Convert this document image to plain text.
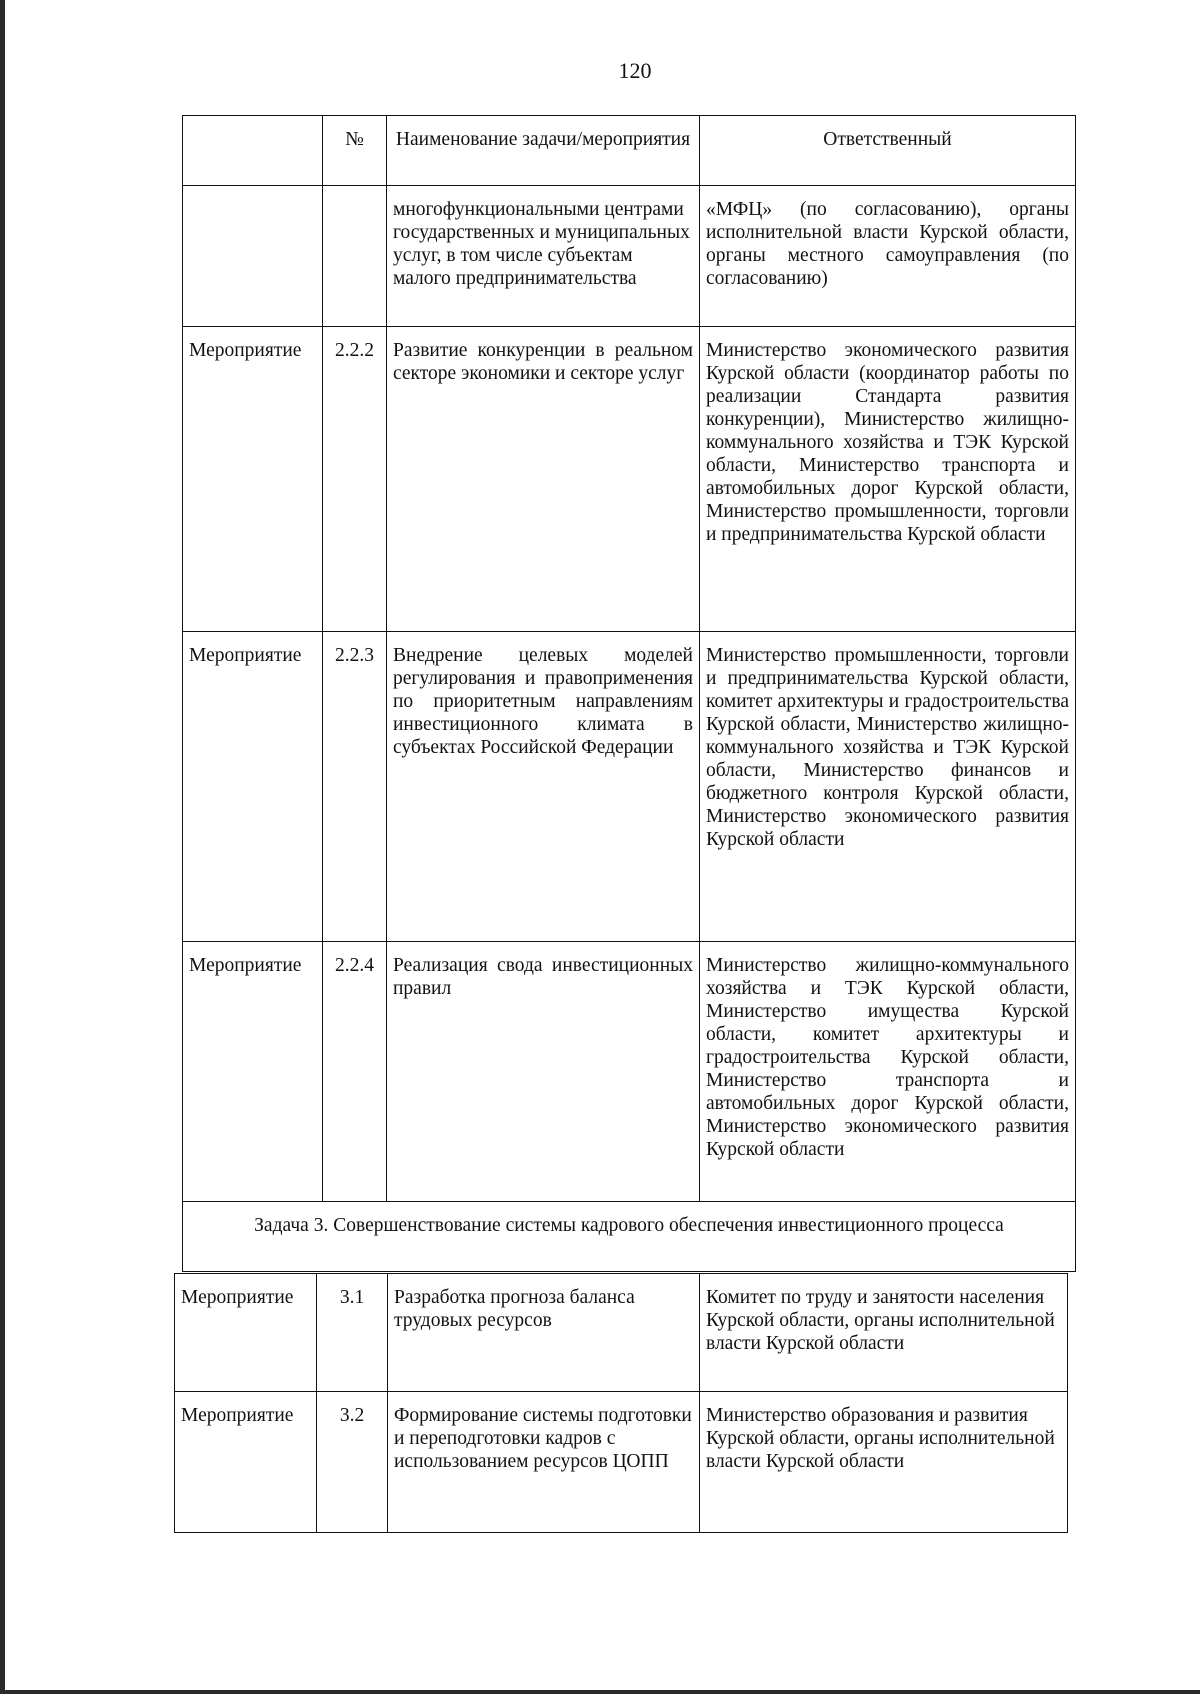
120
	№	Наименование задачи/мероприятия	Ответственный
		многофункциональными центрами государственных и муниципальных услуг, в том числе субъектам малого предпринимательства	«МФЦ» (по согласованию), органы исполнительной власти Курской области, органы местного самоуправления (по согласованию)
Мероприятие	2.2.2	Развитие конкуренции в реальном секторе экономики и секторе услуг	Министерство экономического развития Курской области (координатор работы по реализации Стандарта развития конкуренции), Министерство жилищно-коммунального хозяйства и ТЭК Курской области, Министерство транспорта и автомобильных дорог Курской области, Министерство промышленности, торговли и предпринимательства Курской области
Мероприятие	2.2.3	Внедрение целевых моделей регулирования и правоприменения по приоритетным направлениям инвестиционного климата в субъектах Российской Федерации	Министерство промышленности, торговли и предпринимательства Курской области, комитет архитектуры и градостроительства Курской области, Министерство жилищно-коммунального хозяйства и ТЭК Курской области, Министерство финансов и бюджетного контроля Курской области, Министерство экономического развития Курской области
Мероприятие	2.2.4	Реализация свода инвестиционных правил	Министерство жилищно-коммунального хозяйства и ТЭК Курской области, Министерство имущества Курской области, комитет архитектуры и градостроительства Курской области, Министерство транспорта и автомобильных дорог Курской области, Министерство экономического развития Курской области
Задача 3. Совершенствование системы кадрового обеспечения инвестиционного процесса			
Мероприятие	3.1	Разработка прогноза баланса трудовых ресурсов	Комитет по труду и занятости населения Курской области, органы исполнительной власти Курской области
Мероприятие	3.2	Формирование системы подготовки и переподготовки кадров с использованием ресурсов ЦОПП	Министерство образования и развития Курской области, органы исполнительной власти Курской области
